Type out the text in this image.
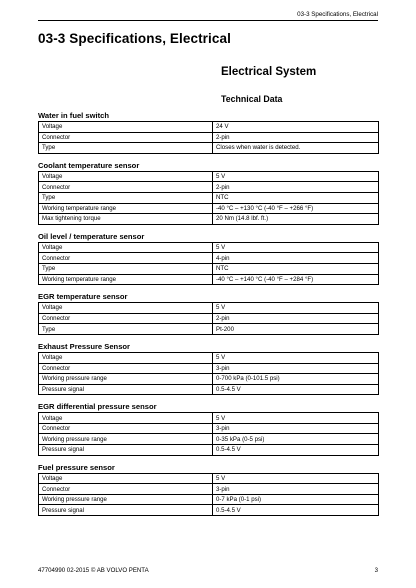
03-3 Specifications, Electrical
03-3 Specifications, Electrical
Electrical System
Technical Data
Water in fuel switch
Voltage	24 V
Connector	2-pin
Type	Closes when water is detected.
Coolant temperature sensor
Voltage	5 V
Connector	2-pin
Type	NTC
Working temperature range	-40 °C – +130 °C (-40 °F – +266 °F)
Max tightening torque	20 Nm (14.8 lbf. ft.)
Oil level / temperature sensor
Voltage	5 V
Connector	4-pin
Type	NTC
Working temperature range	-40 °C – +140 °C (-40 °F – +284 °F)
EGR temperature sensor
Voltage	5 V
Connector	2-pin
Type	Pt-200
Exhaust Pressure Sensor
Voltage	5 V
Connector	3-pin
Working pressure range	0-700 kPa (0-101.5 psi)
Pressure signal	0.5-4.5 V
EGR differential pressure sensor
Voltage	5 V
Connector	3-pin
Working pressure range	0-35 kPa (0-5 psi)
Pressure signal	0.5-4.5 V
Fuel pressure sensor
Voltage	5 V
Connector	3-pin
Working pressure range	0-7 kPa (0-1 psi)
Pressure signal	0.5-4.5 V
47704990 02-2015 © AB VOLVO PENTA	3
